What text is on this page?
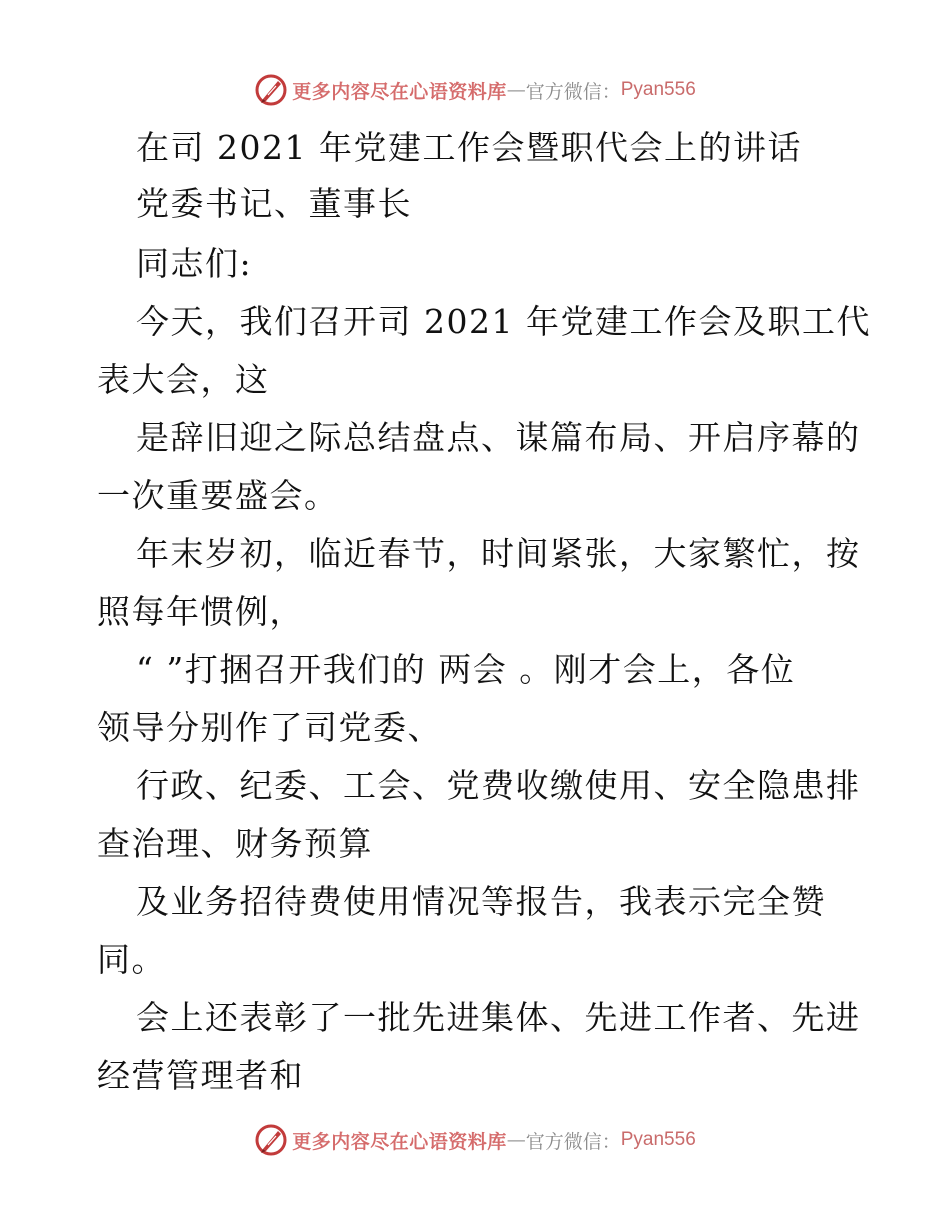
更多内容尽在心语资料库 — 官方微信： Pyan556
在司 2021 年党建工作会暨职代会上的讲话
党委书记、董事长
同志们:
今天，我们召开司 2021 年党建工作会及职工代
表大会，这
是辞旧迎之际总结盘点、谋篇布局、开启序幕的
一次重要盛会。
年末岁初，临近春节，时间紧张，大家繁忙，按
照每年惯例，
“ ”打捆召开我们的 两会 。刚才会上，各位
领导分别作了司党委、
行政、纪委、工会、党费收缴使用、安全隐患排
查治理、财务预算
及业务招待费使用情况等报告，我表示完全赞
同。
会上还表彰了一批先进集体、先进工作者、先进
经营管理者和
更多内容尽在心语资料库 — 官方微信： Pyan556
